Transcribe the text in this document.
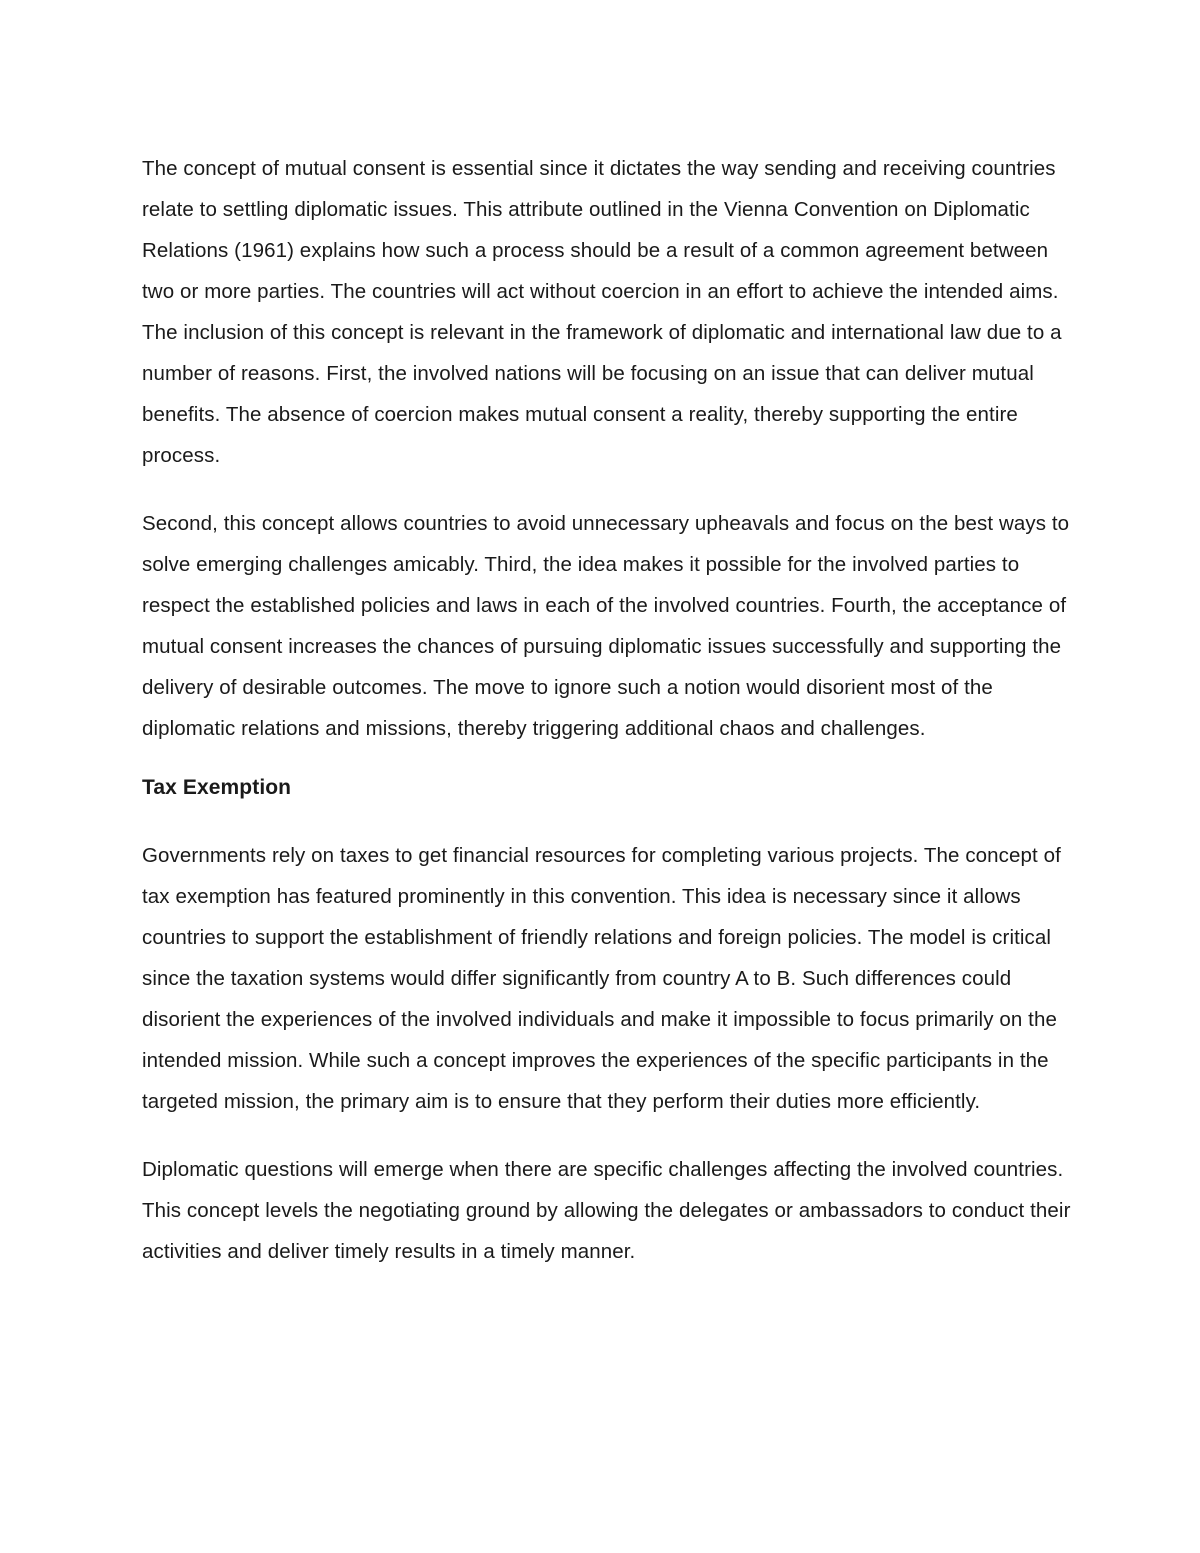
The concept of mutual consent is essential since it dictates the way sending and receiving countries relate to settling diplomatic issues. This attribute outlined in the Vienna Convention on Diplomatic Relations (1961) explains how such a process should be a result of a common agreement between two or more parties. The countries will act without coercion in an effort to achieve the intended aims. The inclusion of this concept is relevant in the framework of diplomatic and international law due to a number of reasons. First, the involved nations will be focusing on an issue that can deliver mutual benefits. The absence of coercion makes mutual consent a reality, thereby supporting the entire process.

Second, this concept allows countries to avoid unnecessary upheavals and focus on the best ways to solve emerging challenges amicably. Third, the idea makes it possible for the involved parties to respect the established policies and laws in each of the involved countries. Fourth, the acceptance of mutual consent increases the chances of pursuing diplomatic issues successfully and supporting the delivery of desirable outcomes. The move to ignore such a notion would disorient most of the diplomatic relations and missions, thereby triggering additional chaos and challenges.

Tax Exemption

Governments rely on taxes to get financial resources for completing various projects. The concept of tax exemption has featured prominently in this convention. This idea is necessary since it allows countries to support the establishment of friendly relations and foreign policies. The model is critical since the taxation systems would differ significantly from country A to B. Such differences could disorient the experiences of the involved individuals and make it impossible to focus primarily on the intended mission. While such a concept improves the experiences of the specific participants in the targeted mission, the primary aim is to ensure that they perform their duties more efficiently.

Diplomatic questions will emerge when there are specific challenges affecting the involved countries. This concept levels the negotiating ground by allowing the delegates or ambassadors to conduct their activities and deliver timely results in a timely manner.
